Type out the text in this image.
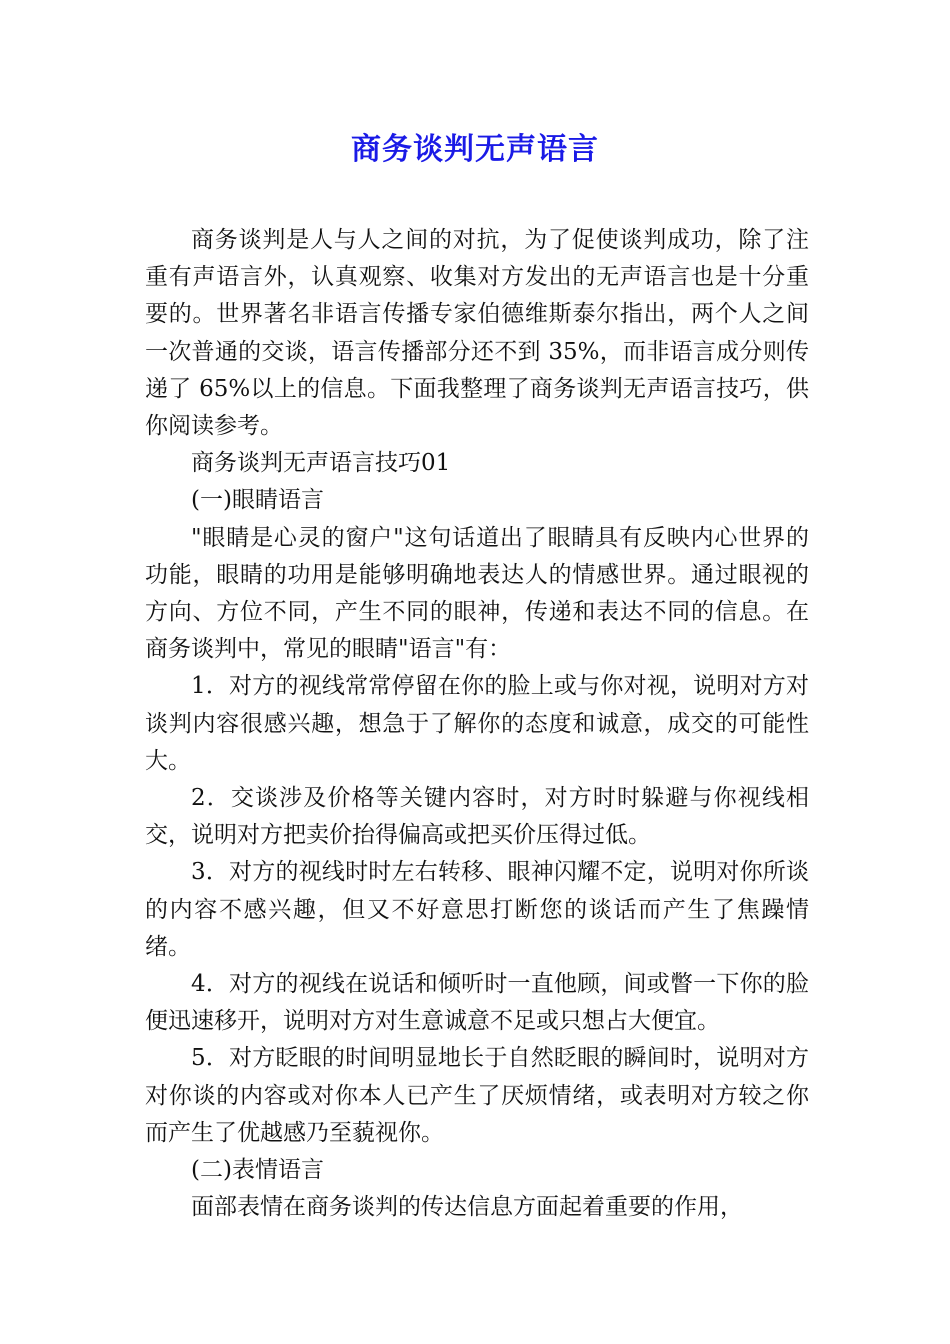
商务谈判无声语言

商务谈判是人与人之间的对抗，为了促使谈判成功，除了注重有声语言外，认真观察、收集对方发出的无声语言也是十分重要的。世界著名非语言传播专家伯德维斯泰尔指出，两个人之间一次普通的交谈，语言传播部分还不到 35%，而非语言成分则传递了 65%以上的信息。下面我整理了商务谈判无声语言技巧，供你阅读参考。

商务谈判无声语言技巧01

(一)眼睛语言

"眼睛是心灵的窗户"这句话道出了眼睛具有反映内心世界的功能，眼睛的功用是能够明确地表达人的情感世界。通过眼视的方向、方位不同，产生不同的眼神，传递和表达不同的信息。在商务谈判中，常见的眼睛"语言"有：

1．对方的视线常常停留在你的脸上或与你对视，说明对方对谈判内容很感兴趣，想急于了解你的态度和诚意，成交的可能性大。

2．交谈涉及价格等关键内容时，对方时时躲避与你视线相交，说明对方把卖价抬得偏高或把买价压得过低。

3．对方的视线时时左右转移、眼神闪耀不定，说明对你所谈的内容不感兴趣，但又不好意思打断您的谈话而产生了焦躁情绪。

4．对方的视线在说话和倾听时一直他顾，间或瞥一下你的脸便迅速移开，说明对方对生意诚意不足或只想占大便宜。

5．对方眨眼的时间明显地长于自然眨眼的瞬间时，说明对方对你谈的内容或对你本人已产生了厌烦情绪，或表明对方较之你而产生了优越感乃至藐视你。

(二)表情语言

面部表情在商务谈判的传达信息方面起着重要的作用，
